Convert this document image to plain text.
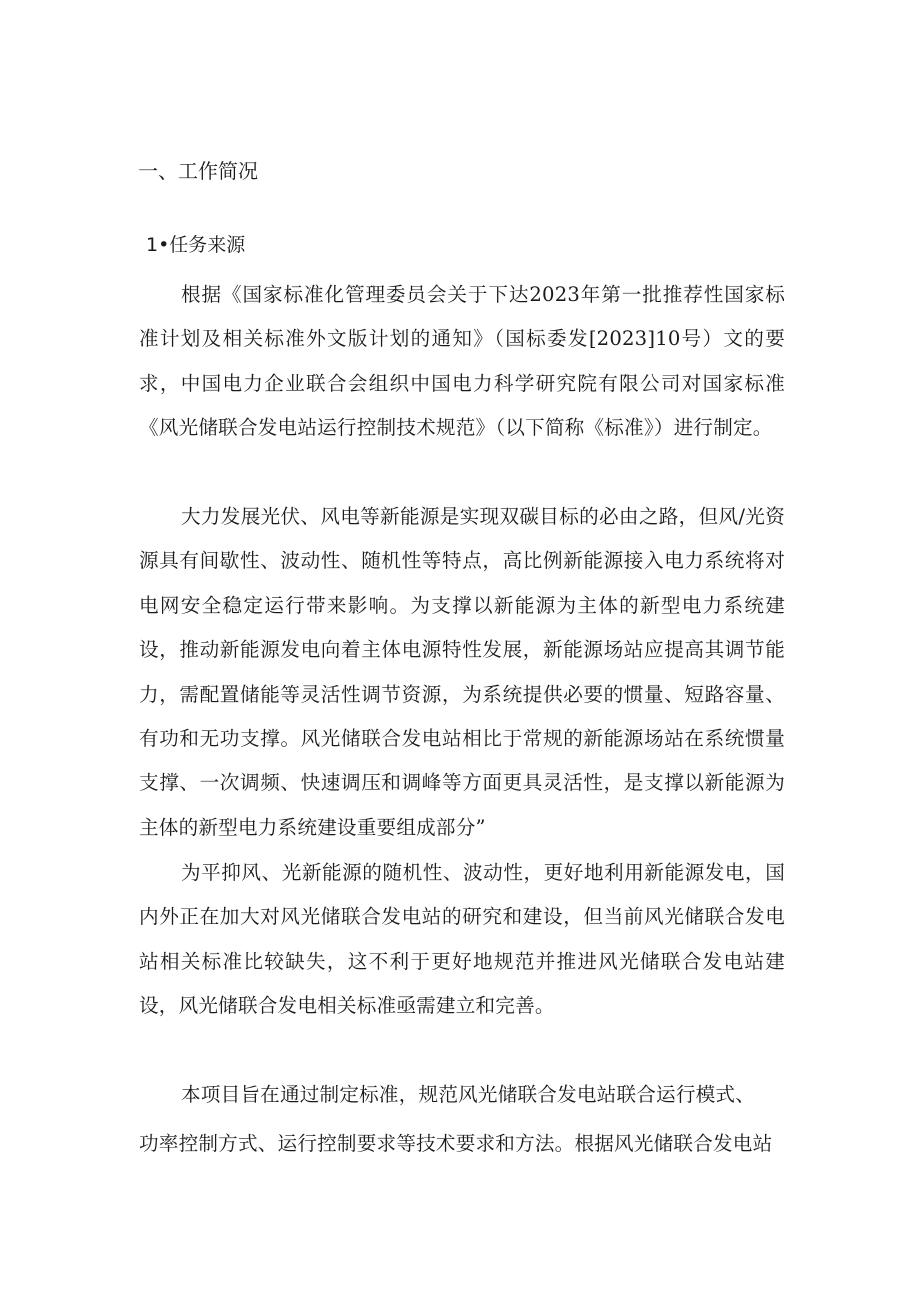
一、工作简况
1•任务来源

根据《国家标准化管理委员会关于下达2023年第一批推荐性国家标准计划及相关标准外文版计划的通知》（国标委发[2023]10号）文的要求，中国电力企业联合会组织中国电力科学研究院有限公司对国家标准《风光储联合发电站运行控制技术规范》（以下简称《标准》）进行制定。

大力发展光伏、风电等新能源是实现双碳目标的必由之路，但风/光资源具有间歇性、波动性、随机性等特点，高比例新能源接入电力系统将对电网安全稳定运行带来影响。为支撑以新能源为主体的新型电力系统建设，推动新能源发电向着主体电源特性发展，新能源场站应提高其调节能力，需配置储能等灵活性调节资源，为系统提供必要的惯量、短路容量、有功和无功支撑。风光储联合发电站相比于常规的新能源场站在系统惯量支撑、一次调频、快速调压和调峰等方面更具灵活性，是支撑以新能源为主体的新型电力系统建设重要组成部分”

为平抑风、光新能源的随机性、波动性，更好地利用新能源发电，国内外正在加大对风光储联合发电站的研究和建设，但当前风光储联合发电站相关标准比较缺失，这不利于更好地规范并推进风光储联合发电站建设，风光储联合发电相关标准亟需建立和完善。

本项目旨在通过制定标准，规范风光储联合发电站联合运行模式、

功率控制方式、运行控制要求等技术要求和方法。根据风光储联合发电站
